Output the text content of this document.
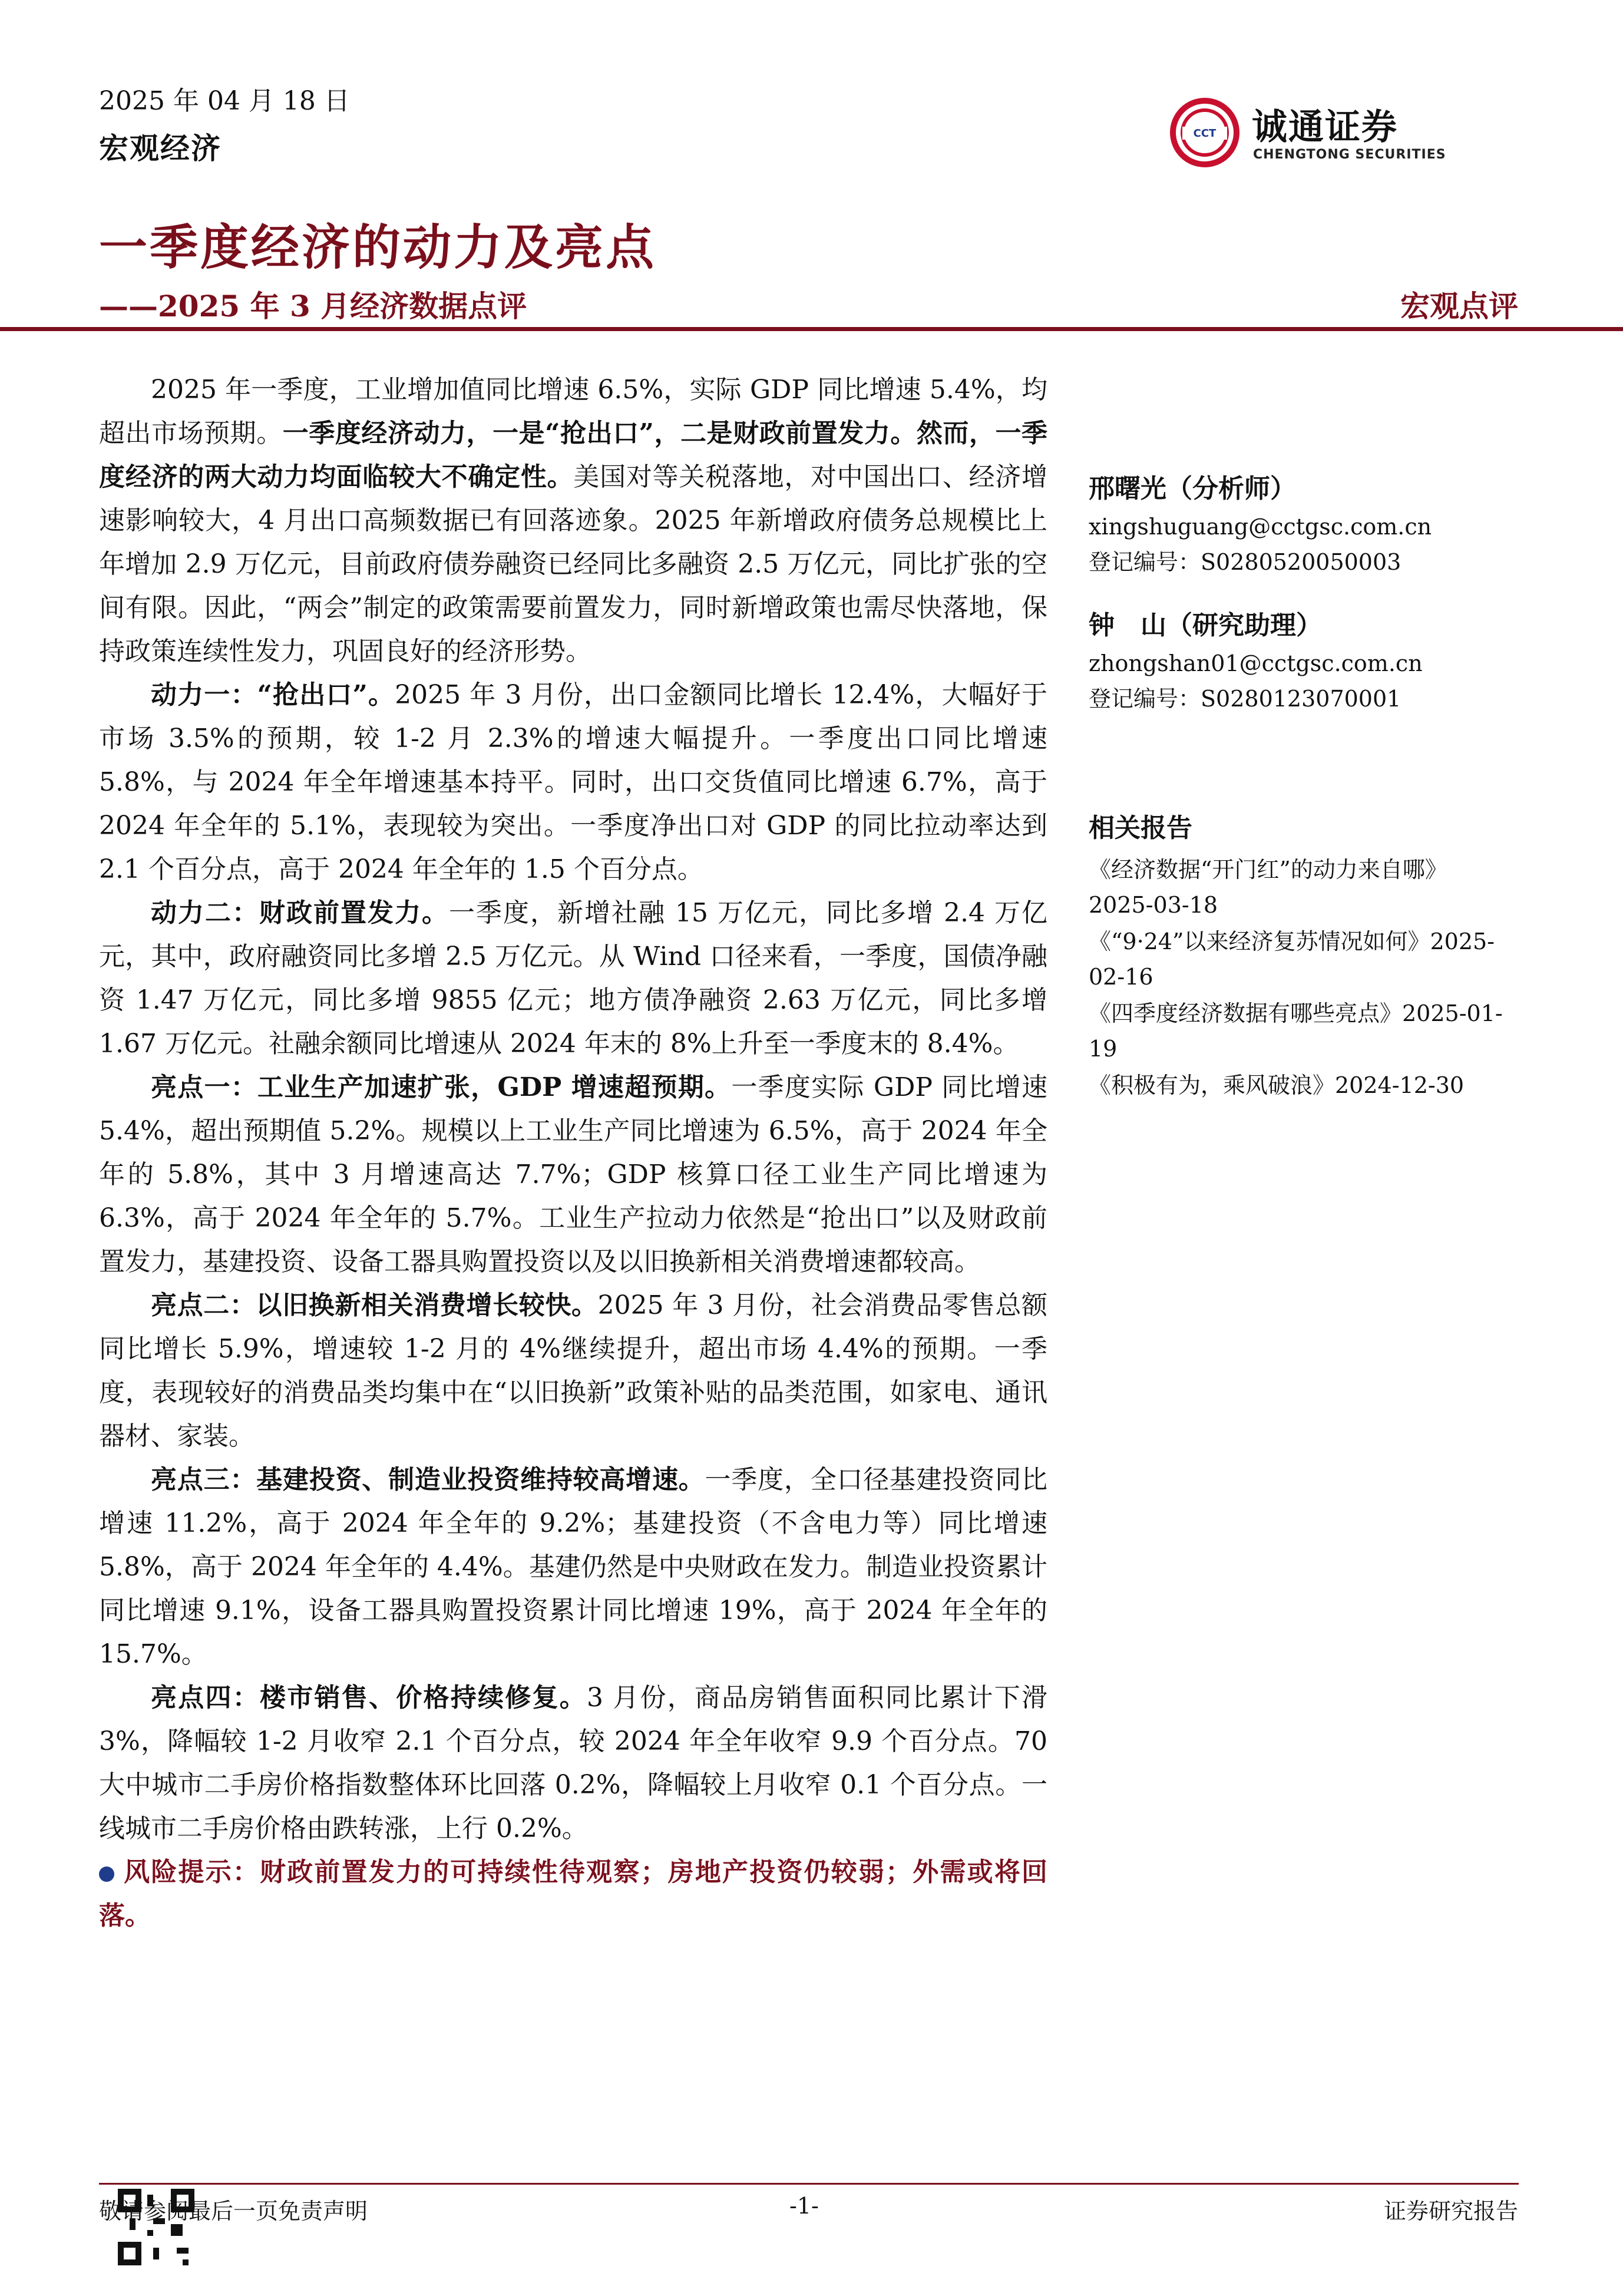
2025 年 04 月 18 日
宏观经济	CCT 诚通证券
CHENGTONG SECURITIES
一季度经济的动力及亮点
——2025 年 3 月经济数据点评	宏观点评

2025 年一季度，工业增加值同比增速 6.5%，实际 GDP 同比增速 5.4%，均超出市场预期。一季度经济动力，一是“抢出口”，二是财政前置发力。然而，一季度经济的两大动力均面临较大不确定性。美国对等关税落地，对中国出口、经济增速影响较大，4 月出口高频数据已有回落迹象。2025 年新增政府债务总规模比上年增加 2.9 万亿元，目前政府债券融资已经同比多融资 2.5 万亿元，同比扩张的空间有限。因此，“两会”制定的政策需要前置发力，同时新增政策也需尽快落地，保持政策连续性发力，巩固良好的经济形势。

动力一：“抢出口”。2025 年 3 月份，出口金额同比增长 12.4%，大幅好于市场 3.5%的预期，较 1-2 月 2.3%的增速大幅提升。一季度出口同比增速 5.8%，与 2024 年全年增速基本持平。同时，出口交货值同比增速 6.7%，高于 2024 年全年的 5.1%，表现较为突出。一季度净出口对 GDP 的同比拉动率达到 2.1 个百分点，高于 2024 年全年的 1.5 个百分点。

动力二：财政前置发力。一季度，新增社融 15 万亿元，同比多增 2.4 万亿元，其中，政府融资同比多增 2.5 万亿元。从 Wind 口径来看，一季度，国债净融资 1.47 万亿元，同比多增 9855 亿元；地方债净融资 2.63 万亿元，同比多增 1.67 万亿元。社融余额同比增速从 2024 年末的 8%上升至一季度末的 8.4%。

亮点一：工业生产加速扩张，GDP 增速超预期。一季度实际 GDP 同比增速 5.4%，超出预期值 5.2%。规模以上工业生产同比增速为 6.5%，高于 2024 年全年的 5.8%，其中 3 月增速高达 7.7%；GDP 核算口径工业生产同比增速为 6.3%，高于 2024 年全年的 5.7%。工业生产拉动力依然是“抢出口”以及财政前置发力，基建投资、设备工器具购置投资以及以旧换新相关消费增速都较高。

亮点二：以旧换新相关消费增长较快。2025 年 3 月份，社会消费品零售总额同比增长 5.9%，增速较 1-2 月的 4%继续提升，超出市场 4.4%的预期。一季度，表现较好的消费品类均集中在“以旧换新”政策补贴的品类范围，如家电、通讯器材、家装。

亮点三：基建投资、制造业投资维持较高增速。一季度，全口径基建投资同比增速 11.2%，高于 2024 年全年的 9.2%；基建投资（不含电力等）同比增速 5.8%，高于 2024 年全年的 4.4%。基建仍然是中央财政在发力。制造业投资累计同比增速 9.1%，设备工器具购置投资累计同比增速 19%，高于 2024 年全年的 15.7%。

亮点四：楼市销售、价格持续修复。3 月份，商品房销售面积同比累计下滑 3%，降幅较 1-2 月收窄 2.1 个百分点，较 2024 年全年收窄 9.9 个百分点。70 大中城市二手房价格指数整体环比回落 0.2%，降幅较上月收窄 0.1 个百分点。一线城市二手房价格由跌转涨，上行 0.2%。

风险提示：财政前置发力的可持续性待观察；房地产投资仍较弱；外需或将回落。

邢曙光（分析师）
xingshuguang@cctgsc.com.cn
登记编号：S0280520050003
钟　山（研究助理）
zhongshan01@cctgsc.com.cn
登记编号：S0280123070001
相关报告
《经济数据“开门红”的动力来自哪》
2025-03-18
《“9·24”以来经济复苏情况如何》2025-
02-16
《四季度经济数据有哪些亮点》2025-01-
19
《积极有为，乘风破浪》2024-12-30
敬请参阅最后一页免责声明	-1-	证券研究报告
